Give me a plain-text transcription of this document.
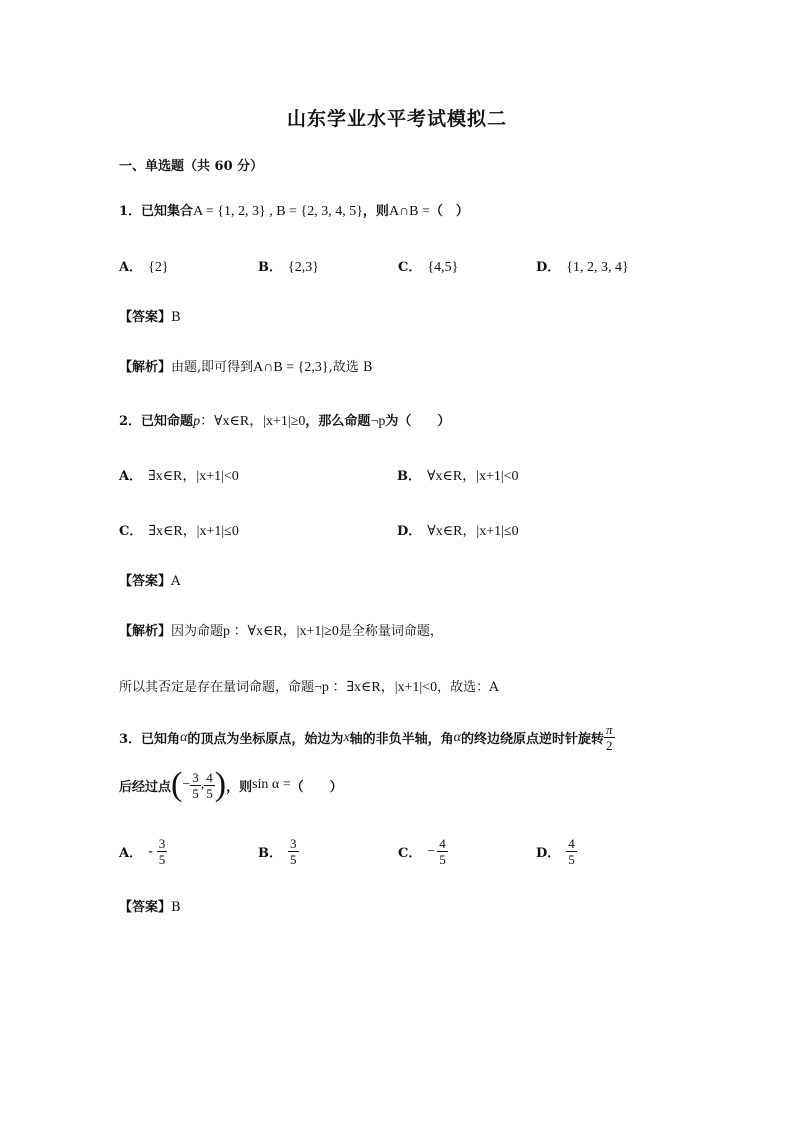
山东学业水平考试模拟二
一、单选题（共 60 分）
1．已知集合A = {1, 2, 3} , B = {2, 3, 4, 5}，则A∩B =（　）
A． {2}	B． {2,3}	C． {4,5}	D． {1, 2, 3, 4}
【答案】B
【解析】由题,即可得到A∩B = {2,3},故选 B
2．已知命题p：∀x∈R，|x+1|≥0，那么命题¬p为（　　）
A． ∃x∈R，|x+1|<0	B． ∀x∈R，|x+1|<0
C． ∃x∈R，|x+1|≤0	D． ∀x∈R，|x+1|≤0
【答案】A
【解析】因为命题p ：∀x∈R，|x+1|≥0是全称量词命题，
所以其否定是存在量词命题，命题¬p ：∃x∈R，|x+1|<0，故选：A
3． 已知角 α 的顶点为坐标原点，始边为 x 轴的非负半轴，角 α 的终边绕原点逆时针旋转 $\frac{\pi}{2}$
后经过点 ( − $\frac{3}{5}$ , $\frac{4}{5}$ ) ，则 sin α = （　　）
A． - $\frac{3}{5}$	B． $\frac{3}{5}$	C． − $\frac{4}{5}$	D． $\frac{4}{5}$
【答案】B
